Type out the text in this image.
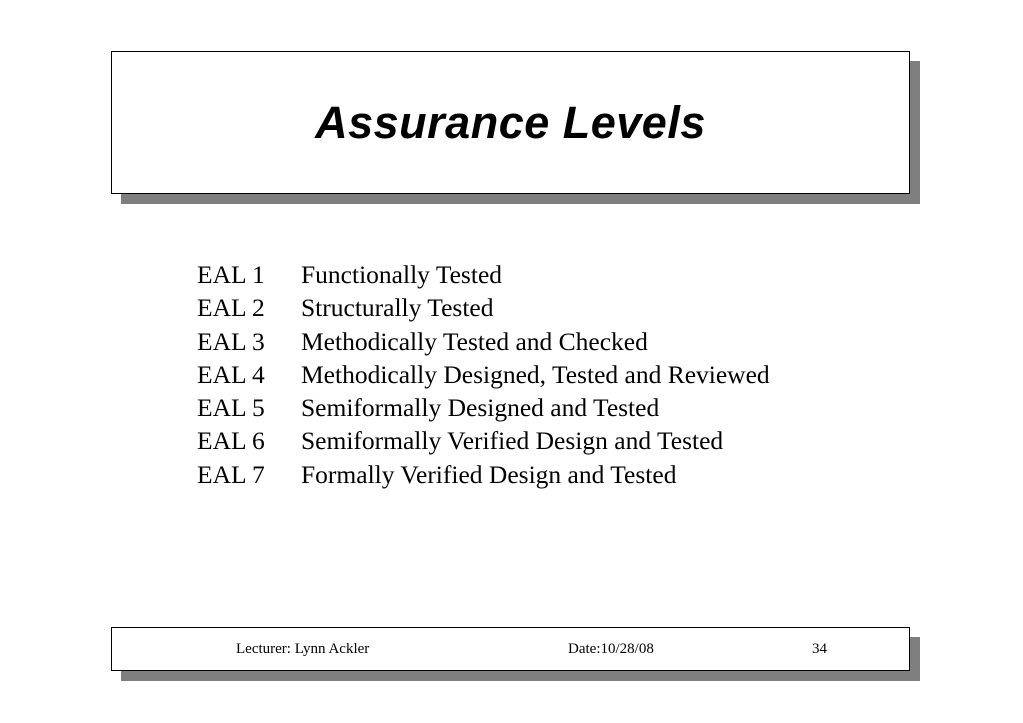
Assurance Levels
EAL 1	Functionally Tested
EAL 2	Structurally Tested
EAL 3	Methodically Tested and Checked
EAL 4	Methodically Designed, Tested and Reviewed
EAL 5	Semiformally Designed and Tested
EAL 6	Semiformally Verified Design and Tested
EAL 7	Formally Verified Design and Tested
Lecturer: Lynn Ackler	Date:10/28/08	34
